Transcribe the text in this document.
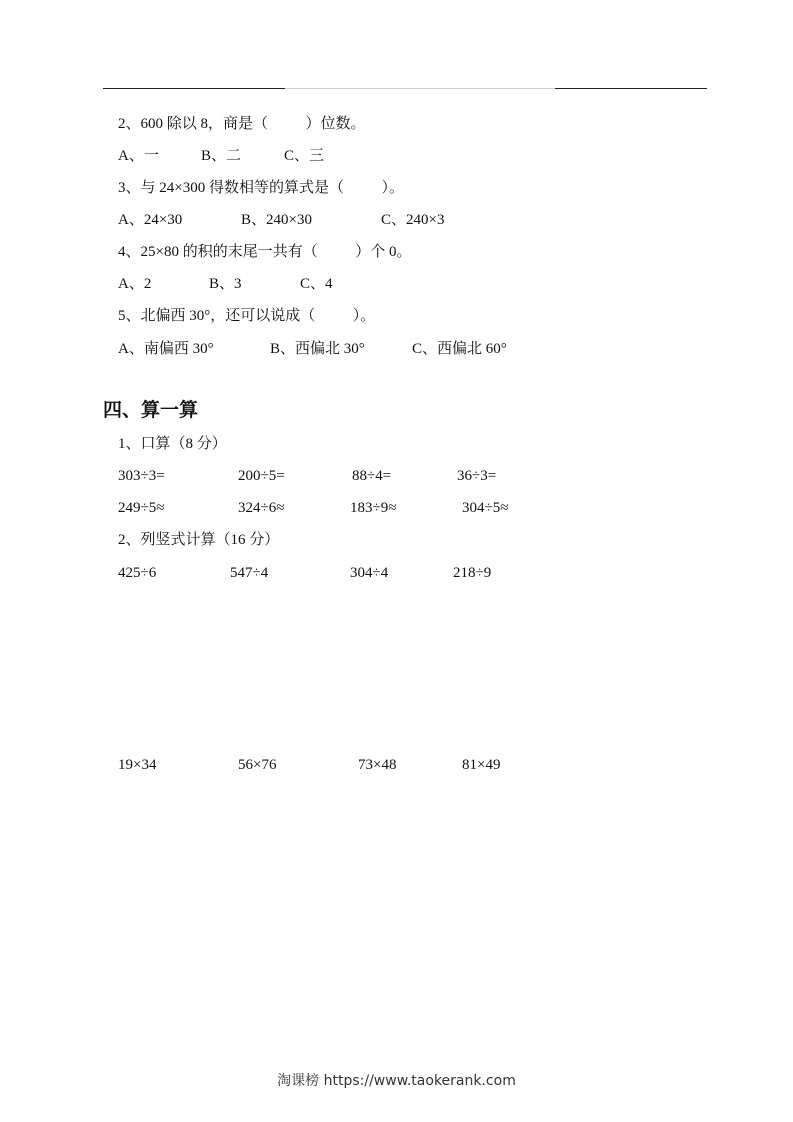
2、600 除以 8，商是（          ）位数。
A、一	B、二	C、三
3、与 24×300 得数相等的算式是（          ）。
A、24×30	B、240×30	C、240×3
4、25×80 的积的末尾一共有（          ）个 0。
A、2	B、3	C、4
5、北偏西 30°，还可以说成（          ）。
A、南偏西 30°	B、西偏北 30°	C、西偏北 60°
四、算一算
1、口算（8 分）
303÷3=	200÷5=	88÷4=	36÷3=
249÷5≈	324÷6≈	183÷9≈	304÷5≈
2、列竖式计算（16 分）
425÷6	547÷4	304÷4	218÷9
19×34	56×76	73×48	81×49
淘课榜 https://www.taokerank.com
